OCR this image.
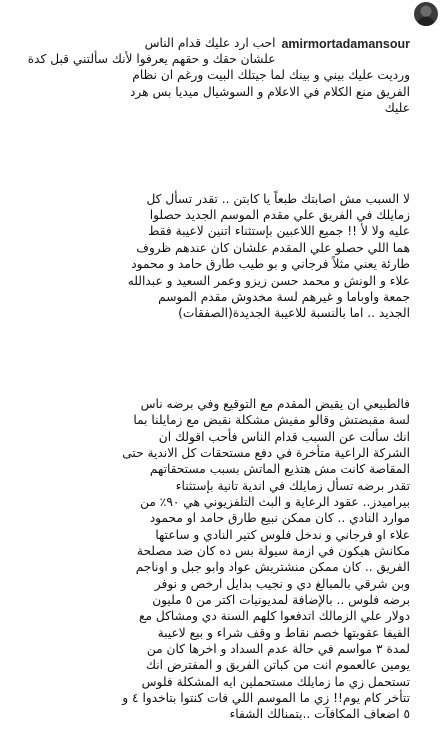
amirmortadamansour
احب ارد عليك قدام الناس
علشان حقك و حقهم يعرفوا لأنك سألتني قبل كدة
ورديت عليك بيني و بينك لما جيتلك البيت ورغم ان نظام
الفريق منع الكلام في الاعلام و السوشيال ميديا بس هرد
عليك

لا السبب مش اصابتك طبعاً يا كابتن .. تقدر تسأل كل
زمايلك في الفريق علي مقدم الموسم الجديد حصلوا
عليه ولا لأ !! جميع اللاعبين بإستثناء اتنين لاعيبة فقط
هما اللي حصلو علي المقدم علشان كان عندهم ظروف
طارئة يعني مثلاً فرجاني و بو طيب طارق حامد و محمود
علاء و الونش و محمد حسن زيزو وعمر السعيد و عبدالله
جمعة واوباما و غيرهم لسة مخدوش مقدم الموسم
الجديد .. اما بالنسبة للاعيبة الجديدة(الصفقات)

فالطبيعي ان يقبض المقدم مع التوقيع وفي برضه ناس
لسة مقبضتش وقالو مفيش مشكلة نقبض مع زمايلنا بما
انك سألت عن السبب قدام الناس فأحب اقولك ان
الشركة الراعية متأخرة في دفع مستحقات كل الاندية حتى
المقاصة كانت مش هتذيع الماتش بسبب مستحقاتهم
تقدر برضه تسأل زمايلك في اندية تانية بإستثناء
بيراميدز.. عقود الرعاية و البث التلفزيوني هي ٩٠٪ من
موارد النادي .. كان ممكن نبيع طارق حامد او محمود
علاء او فرجاني و ندخل فلوس كتير النادي و ساعتها
مكانش هيكون في ازمة سيولة بس ده كان ضد مصلحة
الفريق .. كان ممكن منشتريش عواد وابو جبل و اوناجم
وبن شرقي بالمبالغ دي و نجيب بدايل ارخص و نوفر
برضه فلوس .. بالإضافة لمديونيات اكتر من ٥ مليون
دولار علي الزمالك اتدفعوا كلهم السنة دي ومشاكل مع
الفيفا عقوبتها خصم نقاط و وقف شراء و بيع لاعيبة
لمدة ٣ مواسم في حالة عدم السداد و اخرها كان من
يومين عالعموم انت من كباتن الفريق و المفترض انك
تستحمل زي ما زمايلك مستحملين ايه المشكلة فلوس
تتأخر كام يوم!! زي ما الموسم اللي فات كنتوا بتاخدوا ٤ و
٥ اضعاف المكافآت ..بتمنالك الشفاء
